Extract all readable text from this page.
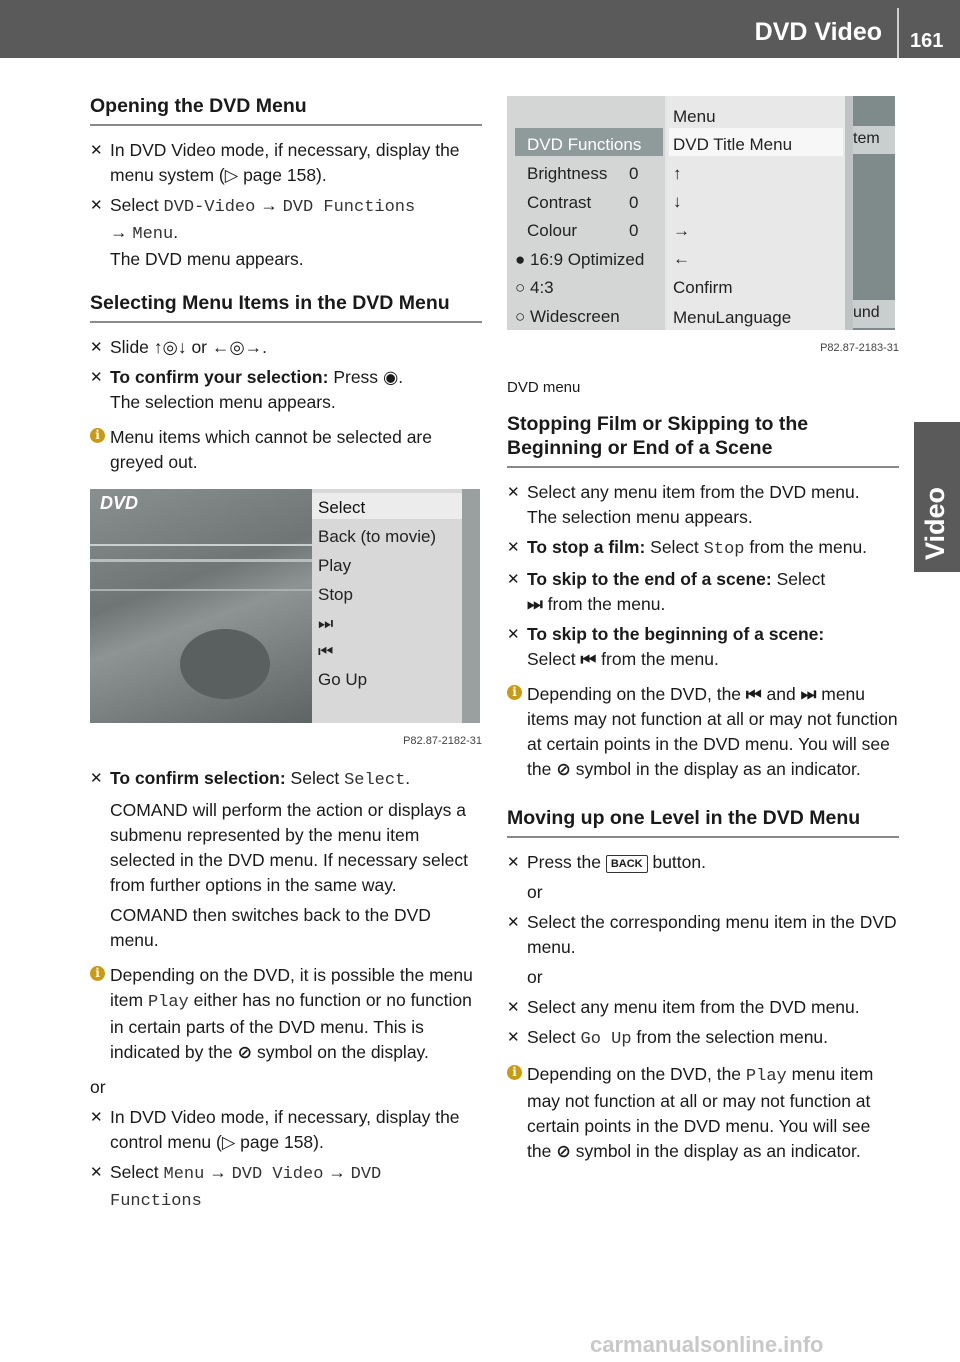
DVD Video 161
Video
Opening the DVD Menu
✕ In DVD Video mode, if necessary, display the menu system (▷ page 158).
✕ Select DVD-Video → DVD Functions
→ Menu.
The DVD menu appears.
Selecting Menu Items in the DVD Menu
✕ Slide ↑◎↓ or ←◎→.
✕ To confirm your selection: Press ◉.
The selection menu appears.
i Menu items which cannot be selected are greyed out.
DVD	Select
Back (to movie)
Play
Stop
⏭
⏮
Go Up
P82.87-2182-31
✕ To confirm selection: Select Select.
COMAND will perform the action or displays a submenu represented by the menu item selected in the DVD menu. If necessary select from further options in the same way.
COMAND then switches back to the DVD menu.
i Depending on the DVD, it is possible the menu item Play either has no function or no function in certain parts of the DVD menu. This is indicated by the ⊘ symbol on the display.
or
✕ In DVD Video mode, if necessary, display the control menu (▷ page 158).
✕ Select Menu → DVD Video → DVD Functions
DVD Functions
Brightness 0
Contrast 0
Colour	0
● 16:9 Optimized
○ 4:3
○ Widescreen
Menu
DVD Title Menu
↑
↓
→
←
Confirm
MenuLanguage
tem
und
P82.87-2183-31
DVD menu
Stopping Film or Skipping to the Beginning or End of a Scene
✕ Select any menu item from the DVD menu.
The selection menu appears.
✕ To stop a film: Select Stop from the menu.
✕ To skip to the end of a scene: Select
⏭ from the menu.
✕ To skip to the beginning of a scene:
Select ⏮ from the menu.
i Depending on the DVD, the ⏮ and ⏭ menu items may not function at all or may not function at certain points in the DVD menu. You will see the ⊘ symbol in the display as an indicator.
Moving up one Level in the DVD Menu
✕ Press the BACK button.
or
✕ Select the corresponding menu item in the DVD menu.
or
✕ Select any menu item from the DVD menu.
✕ Select Go Up from the selection menu.
i Depending on the DVD, the Play menu item may not function at all or may not function at certain points in the DVD menu. You will see the ⊘ symbol in the display as an indicator.
carmanualsonline.info
